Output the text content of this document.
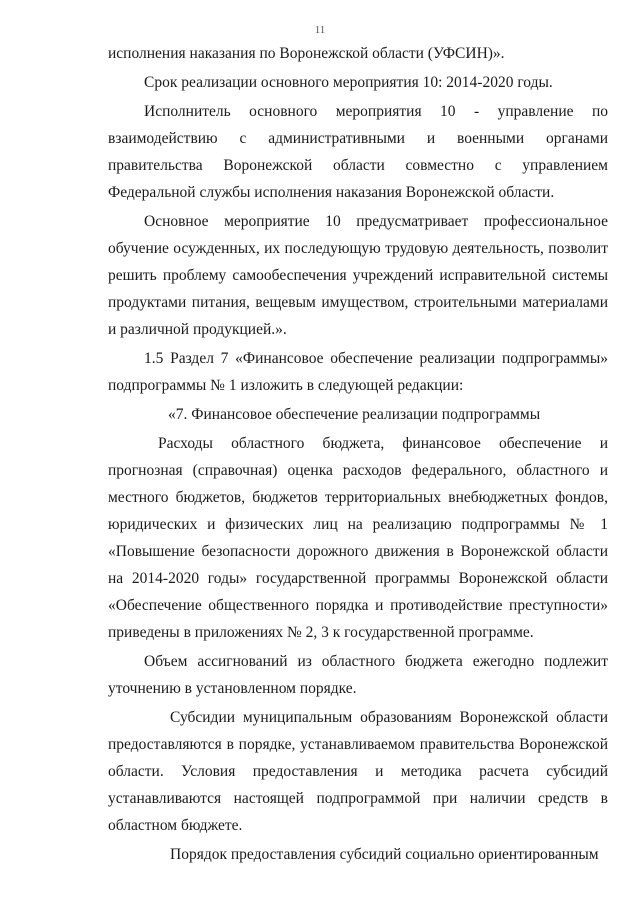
11

исполнения наказания по Воронежской области (УФСИН)».

Срок реализации основного мероприятия 10: 2014-2020 годы.

Исполнитель основного мероприятия 10 - управление по взаимодействию с административными и военными органами правительства Воронежской области совместно с управлением Федеральной службы исполнения наказания Воронежской области.

Основное мероприятие 10 предусматривает профессиональное обучение осужденных, их последующую трудовую деятельность, позволит решить проблему самообеспечения учреждений исправительной системы продуктами питания, вещевым имуществом, строительными материалами и различной продукцией.».

1.5 Раздел 7 «Финансовое обеспечение реализации подпрограммы» подпрограммы № 1 изложить в следующей редакции:

«7. Финансовое обеспечение реализации подпрограммы

Расходы областного бюджета, финансовое обеспечение и прогнозная (справочная) оценка расходов федерального, областного и местного бюджетов, бюджетов территориальных внебюджетных фондов, юридических и физических лиц на реализацию подпрограммы № 1 «Повышение безопасности дорожного движения в Воронежской области на 2014-2020 годы» государственной программы Воронежской области «Обеспечение общественного порядка и противодействие преступности» приведены в приложениях № 2, 3 к государственной программе.

Объем ассигнований из областного бюджета ежегодно подлежит уточнению в установленном порядке.

Субсидии муниципальным образованиям Воронежской области предоставляются в порядке, устанавливаемом правительства Воронежской области. Условия предоставления и методика расчета субсидий устанавливаются настоящей подпрограммой при наличии средств в областном бюджете.

Порядок предоставления субсидий социально ориентированным
